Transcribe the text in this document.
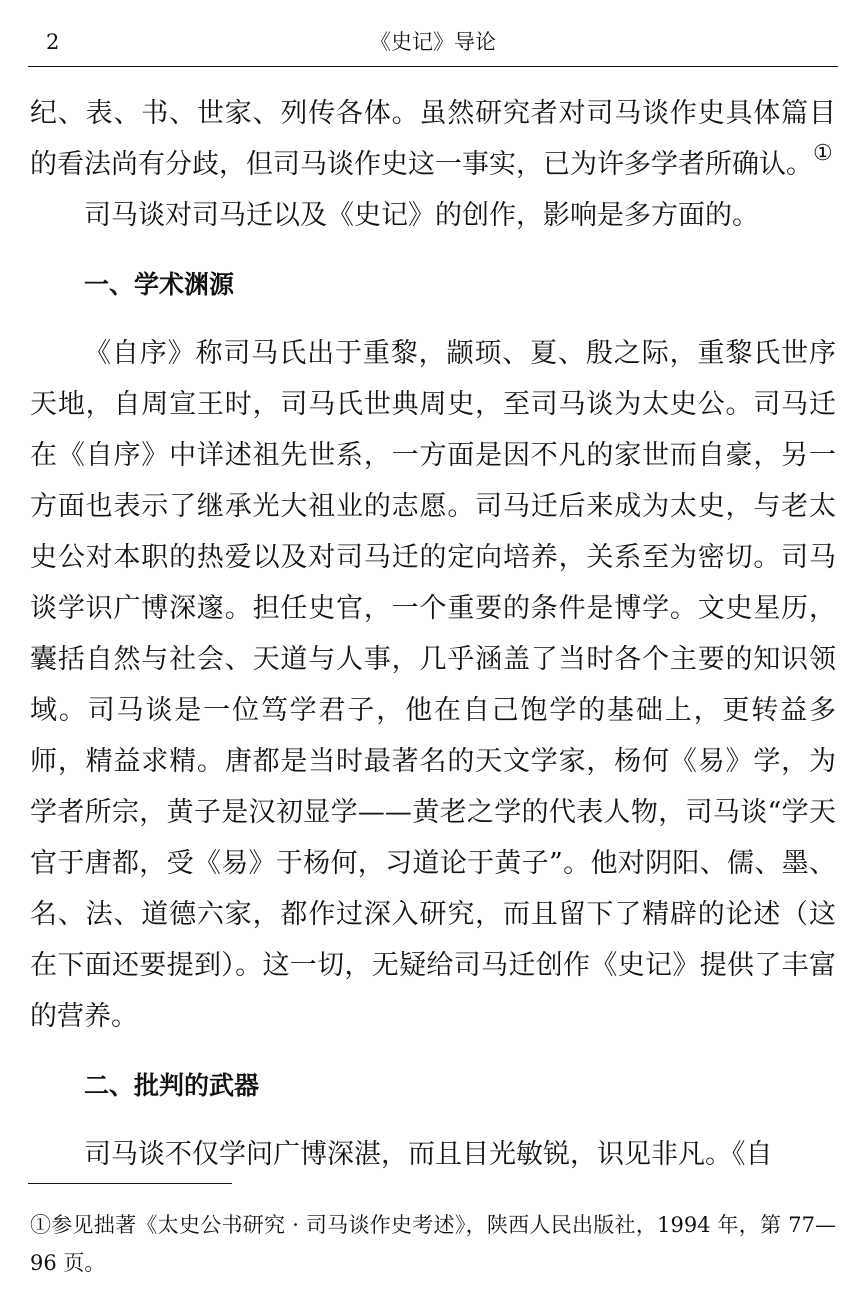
2	《史记》导论

纪、表、书、世家、列传各体。虽然研究者对司马谈作史具体篇目的看法尚有分歧，但司马谈作史这一事实，已为许多学者所确认。①

司马谈对司马迁以及《史记》的创作，影响是多方面的。

一、学术渊源

《自序》称司马氏出于重黎，颛顼、夏、殷之际，重黎氏世序天地，自周宣王时，司马氏世典周史，至司马谈为太史公。司马迁在《自序》中详述祖先世系，一方面是因不凡的家世而自豪，另一方面也表示了继承光大祖业的志愿。司马迁后来成为太史，与老太史公对本职的热爱以及对司马迁的定向培养，关系至为密切。司马谈学识广博深邃。担任史官，一个重要的条件是博学。文史星历，囊括自然与社会、天道与人事，几乎涵盖了当时各个主要的知识领域。司马谈是一位笃学君子，他在自己饱学的基础上，更转益多师，精益求精。唐都是当时最著名的天文学家，杨何《易》学，为学者所宗，黄子是汉初显学——黄老之学的代表人物，司马谈“学天官于唐都，受《易》于杨何，习道论于黄子”。他对阴阳、儒、墨、名、法、道德六家，都作过深入研究，而且留下了精辟的论述（这在下面还要提到）。这一切，无疑给司马迁创作《史记》提供了丰富的营养。

二、批判的武器

司马谈不仅学问广博深湛，而且目光敏锐，识见非凡。《自

①参见拙著《太史公书研究 · 司马谈作史考述》，陕西人民出版社，1994 年，第 77—96 页。
